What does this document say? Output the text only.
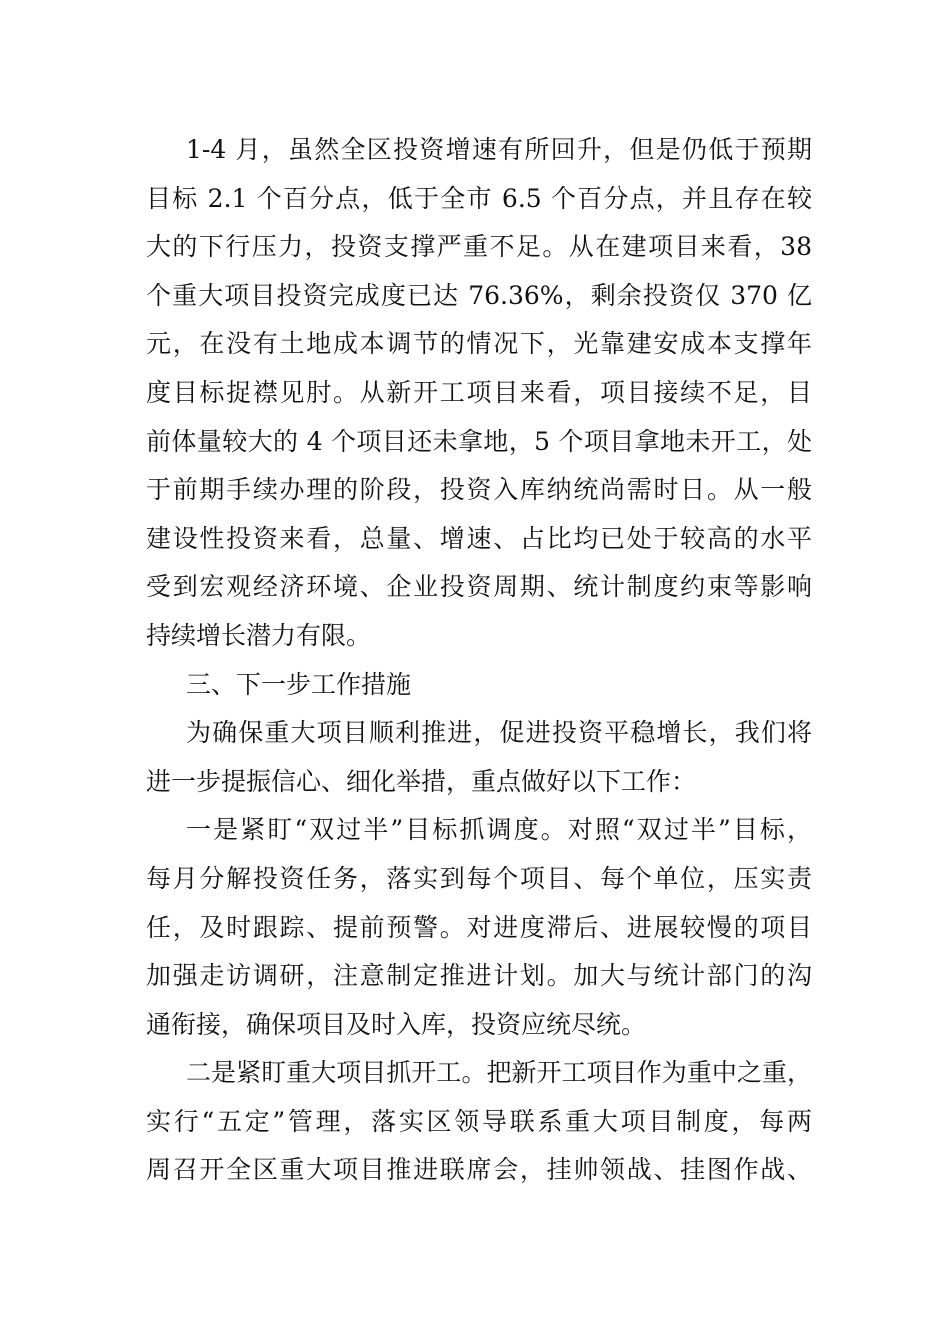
1-4 月，虽然全区投资增速有所回升，但是仍低于预期
目标 2.1 个百分点，低于全市 6.5 个百分点，并且存在较
大的下行压力，投资支撑严重不足。从在建项目来看，38
个重大项目投资完成度已达 76.36%，剩余投资仅 370 亿
元，在没有土地成本调节的情况下，光靠建安成本支撑年
度目标捉襟见肘。从新开工项目来看，项目接续不足，目
前体量较大的 4 个项目还未拿地，5 个项目拿地未开工，处
于前期手续办理的阶段，投资入库纳统尚需时日。从一般
建设性投资来看，总量、增速、占比均已处于较高的水平
受到宏观经济环境、企业投资周期、统计制度约束等影响
持续增长潜力有限。
三、下一步工作措施
为确保重大项目顺利推进，促进投资平稳增长，我们将
进一步提振信心、细化举措，重点做好以下工作：
一是紧盯“双过半”目标抓调度。对照“双过半”目标，
每月分解投资任务，落实到每个项目、每个单位，压实责
任，及时跟踪、提前预警。对进度滞后、进展较慢的项目
加强走访调研，注意制定推进计划。加大与统计部门的沟
通衔接，确保项目及时入库，投资应统尽统。
二是紧盯重大项目抓开工。把新开工项目作为重中之重，
实行“五定”管理，落实区领导联系重大项目制度，每两
周召开全区重大项目推进联席会，挂帅领战、挂图作战、
